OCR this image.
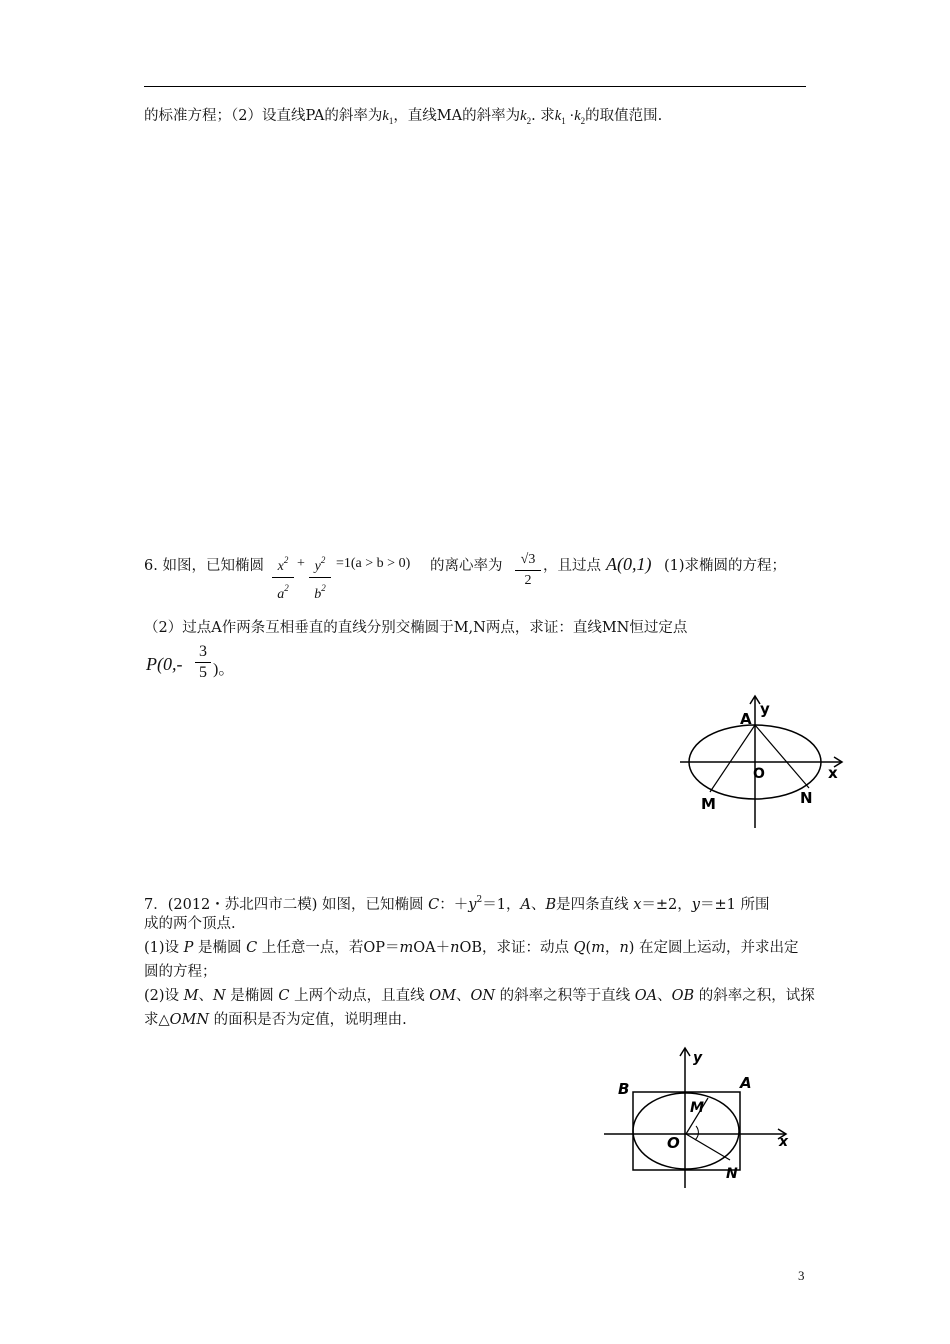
的标准方程；（2）设直线PA的斜率为$k_1$，直线MA的斜率为$k_2$. 求$k_1 \cdot k_2$的取值范围.
6. 如图，已知椭圆 $\frac{x^2}{a^2} + \frac{y^2}{b^2} =1(a > b > 0)$ 的离心率为 $\frac{√3}{2}$ ，且过点 A(0,1) (1)求椭圆的方程；
（2）过点A作两条互相垂直的直线分别交椭圆于M,N两点，求证：直线MN恒过定点
$P(0,- \frac{3}{5}$ )。
A
y
O	x
M	N
7．(2012・苏北四市二模) 如图，已知椭圆 C：$+y^2=1$，A、B是四条直线 x＝±2，y＝±1 所围
成的两个顶点.
(1)设 P 是椭圆 C 上任意一点，若OP＝mOA＋nOB，求证：动点 Q(m，n) 在定圆上运动，并求出定
圆的方程；
(2)设 M、N 是椭圆 C 上两个动点，且直线 OM、ON 的斜率之积等于直线 OA、OB 的斜率之积，试探
求△OMN 的面积是否为定值，说明理由.
y
B	A
M
O	x
N
3
